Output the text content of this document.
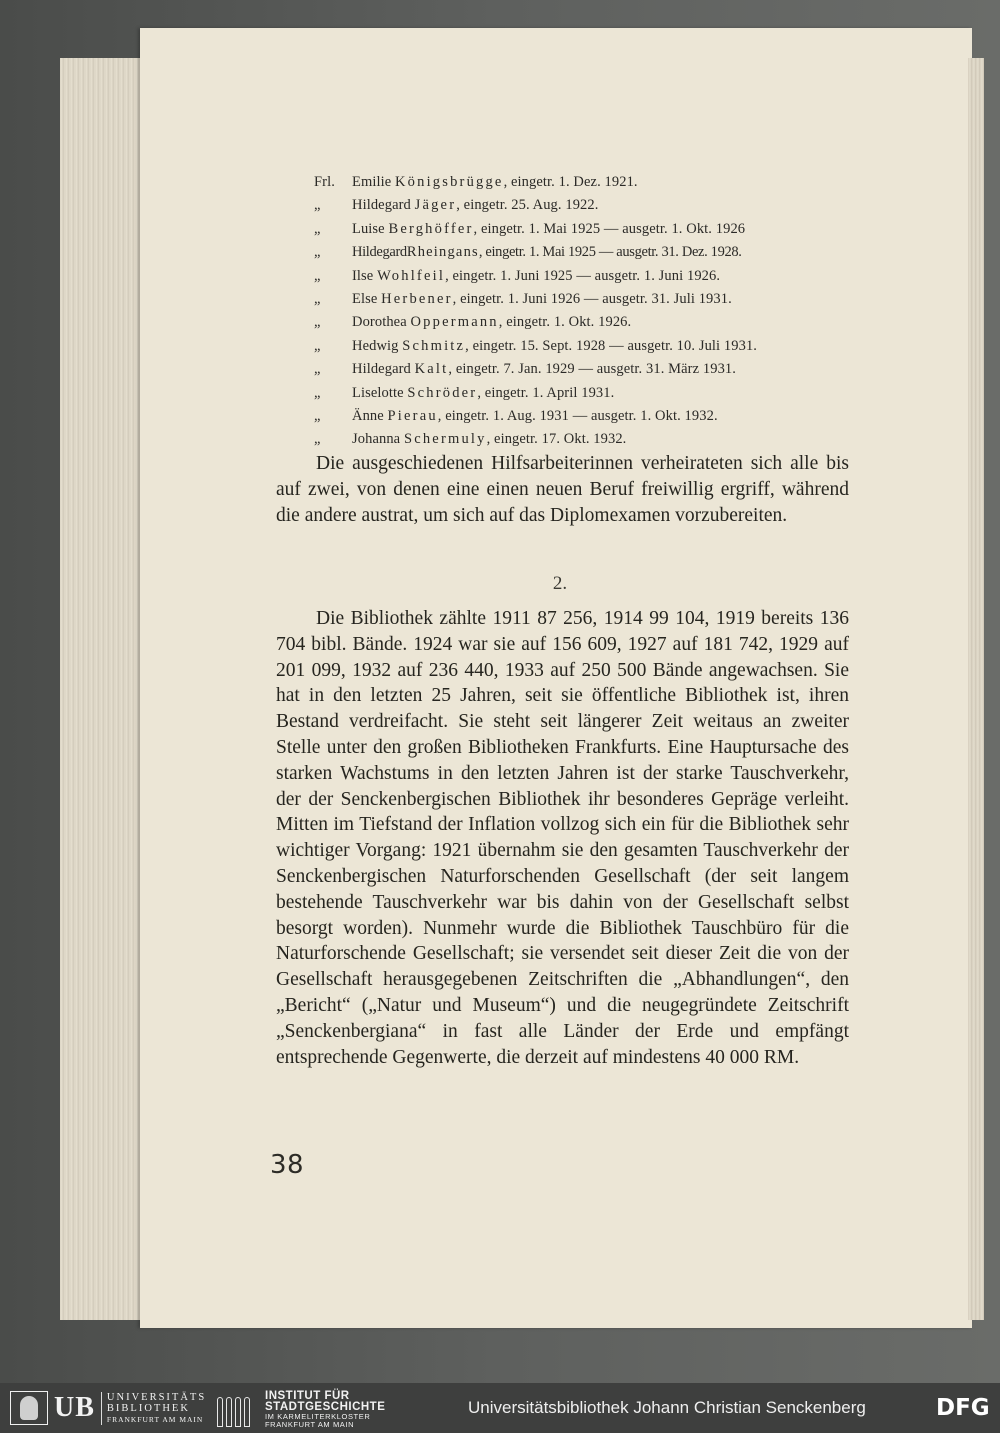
Frl.	Emilie Königsbrügge, eingetr. 1. Dez. 1921.
„	Hildegard Jäger, eingetr. 25. Aug. 1922.
„	Luise Berghöffer, eingetr. 1. Mai 1925 — ausgetr. 1. Okt. 1926
„	HildegardRheingans, eingetr. 1. Mai 1925 — ausgetr. 31. Dez. 1928.
„	Ilse Wohlfeil, eingetr. 1. Juni 1925 — ausgetr. 1. Juni 1926.
„	Else Herbener, eingetr. 1. Juni 1926 — ausgetr. 31. Juli 1931.
„	Dorothea Oppermann, eingetr. 1. Okt. 1926.
„	Hedwig Schmitz, eingetr. 15. Sept. 1928 — ausgetr. 10. Juli 1931.
„	Hildegard Kalt, eingetr. 7. Jan. 1929 — ausgetr. 31. März 1931.
„	Liselotte Schröder, eingetr. 1. April 1931.
„	Änne Pierau, eingetr. 1. Aug. 1931 — ausgetr. 1. Okt. 1932.
„	Johanna Schermuly, eingetr. 17. Okt. 1932.

Die ausgeschiedenen Hilfsarbeiterinnen verheirateten sich alle bis auf zwei, von denen eine einen neuen Beruf freiwillig ergriff, während die andere austrat, um sich auf das Diplomexamen vorzubereiten.

2.

Die Bibliothek zählte 1911 87 256, 1914 99 104, 1919 bereits 136 704 bibl. Bände. 1924 war sie auf 156 609, 1927 auf 181 742, 1929 auf 201 099, 1932 auf 236 440, 1933 auf 250 500 Bände angewachsen. Sie hat in den letzten 25 Jahren, seit sie öffentliche Bibliothek ist, ihren Bestand verdreifacht. Sie steht seit längerer Zeit weitaus an zweiter Stelle unter den großen Bibliotheken Frankfurts. Eine Hauptursache des starken Wachstums in den letzten Jahren ist der starke Tauschverkehr, der der Senckenbergischen Bibliothek ihr besonderes Gepräge verleiht. Mitten im Tiefstand der Inflation vollzog sich ein für die Bibliothek sehr wichtiger Vorgang: 1921 übernahm sie den gesamten Tauschverkehr der Senckenbergischen Naturforschenden Gesellschaft (der seit langem bestehende Tauschverkehr war bis dahin von der Gesellschaft selbst besorgt worden). Nunmehr wurde die Bibliothek Tauschbüro für die Naturforschende Gesellschaft; sie versendet seit dieser Zeit die von der Gesellschaft herausgegebenen Zeitschriften die „Abhandlungen“, den „Bericht“ („Natur und Museum“) und die neugegründete Zeitschrift „Senckenbergiana“ in fast alle Länder der Erde und empfängt entsprechende Gegenwerte, die derzeit auf mindestens 40 000 RM.

38
UB UNIVERSITÄTS
BIBLIOTHEK
FRANKFURT AM MAIN
INSTITUT FÜR
STADTGESCHICHTE
IM KARMELITERKLOSTER
FRANKFURT AM MAIN
Universitätsbibliothek Johann Christian Senckenberg	DFG
